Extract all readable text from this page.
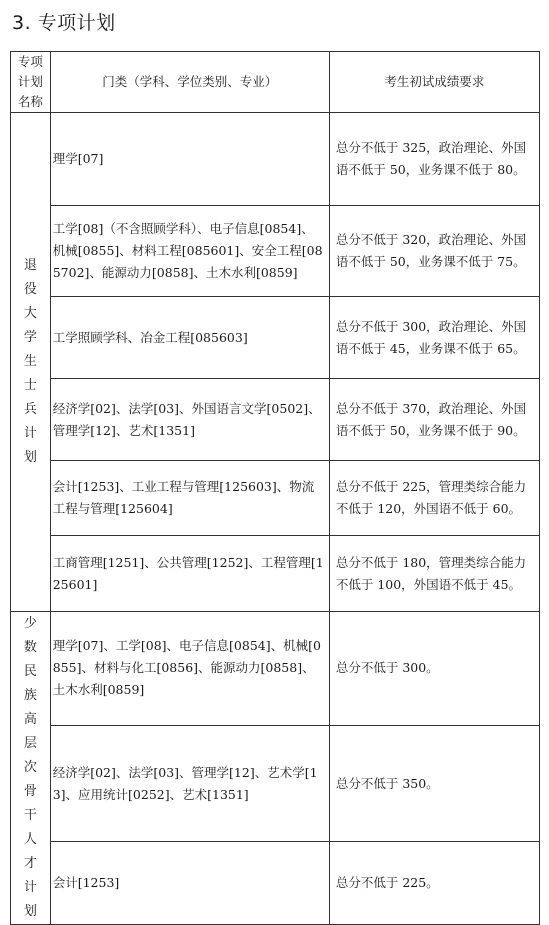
3. 专项计划
专项计划名称	门类（学科、学位类别、专业）	考生初试成绩要求
退役大学生士兵计划	理学[07]	总分不低于 325，政治理论、外国语不低于 50，业务课不低于 80。
	工学[08]（不含照顾学科）、电子信息[0854]、机械[0855]、材料工程[085601]、安全工程[085702]、能源动力[0858]、土木水利[0859]	总分不低于 320，政治理论、外国语不低于 50，业务课不低于 75。
	工学照顾学科、冶金工程[085603]	总分不低于 300，政治理论、外国语不低于 45，业务课不低于 65。
	经济学[02]、法学[03]、外国语言文学[0502]、管理学[12]、艺术[1351]	总分不低于 370，政治理论、外国语不低于 50，业务课不低于 90。
	会计[1253]、工业工程与管理[125603]、物流工程与管理[125604]	总分不低于 225，管理类综合能力不低于 120，外国语不低于 60。
	工商管理[1251]、公共管理[1252]、工程管理[125601]	总分不低于 180，管理类综合能力不低于 100，外国语不低于 45。
少数民族高层次骨干人才计划	理学[07]、工学[08]、电子信息[0854]、机械[0855]、材料与化工[0856]、能源动力[0858]、土木水利[0859]	总分不低于 300。
	经济学[02]、法学[03]、管理学[12]、艺术学[13]、应用统计[0252]、艺术[1351]	总分不低于 350。
	会计[1253]	总分不低于 225。
